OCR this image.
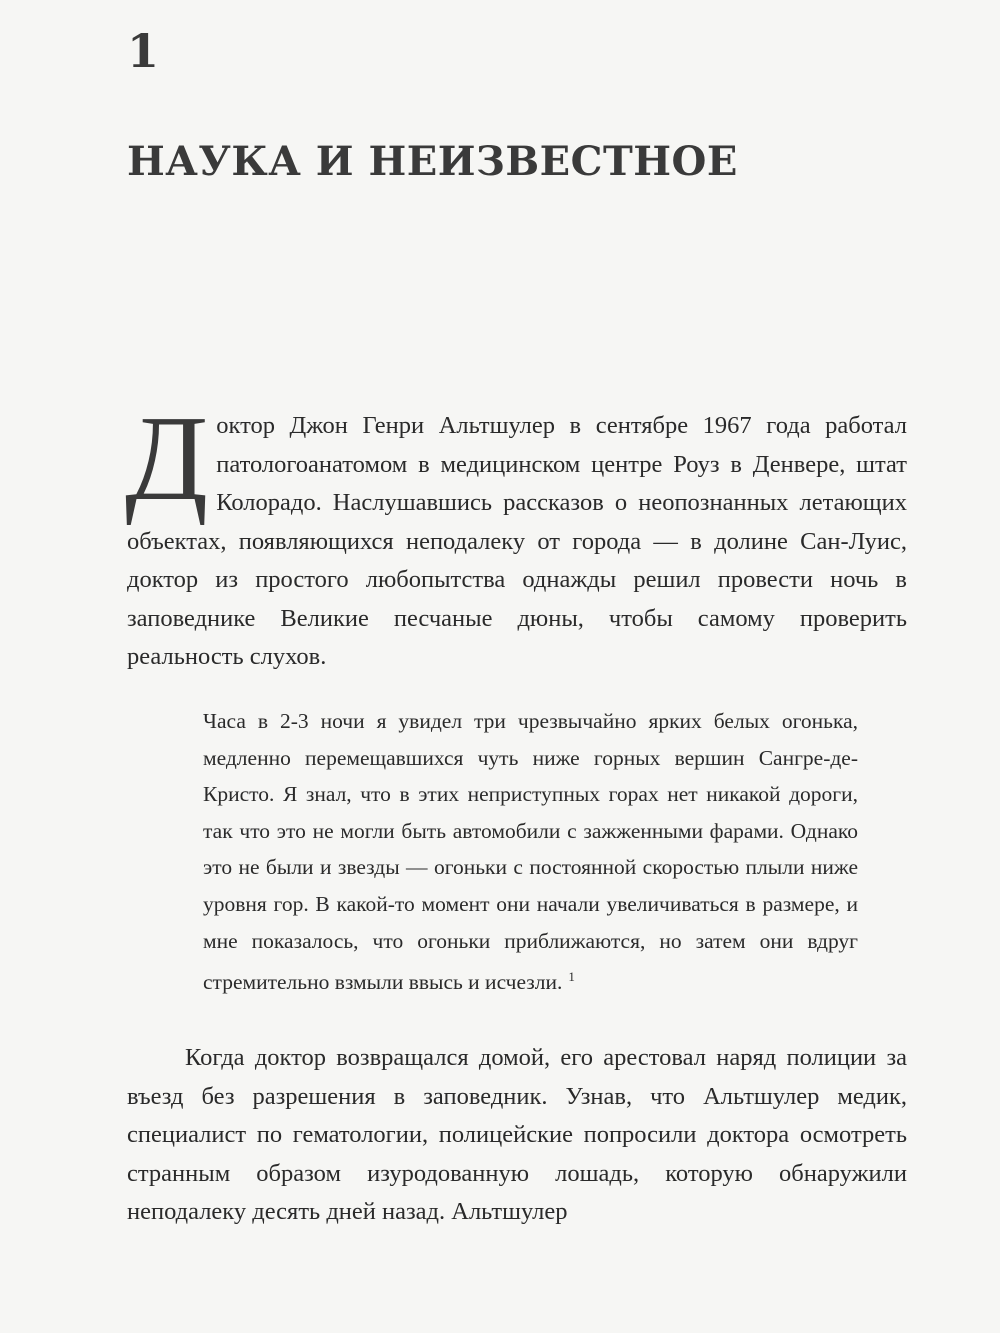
1
НАУКА И НЕИЗВЕСТНОЕ
Доктор Джон Генри Альтшулер в сентябре 1967 года работал патологоанатомом в медицинском центре Роуз в Денвере, штат Колорадо. Наслушавшись рассказов о неопознанных летающих объектах, появляющихся неподалеку от города — в долине Сан-Луис, доктор из простого любопытства однажды решил провести ночь в заповеднике Великие песчаные дюны, чтобы самому проверить реальность слухов.

Часа в 2-3 ночи я увидел три чрезвычайно ярких белых огонька, медленно перемещавшихся чуть ниже горных вершин Сангре-де-Кристо. Я знал, что в этих неприступных горах нет никакой дороги, так что это не могли быть автомобили с зажженными фарами. Однако это не были и звезды — огоньки с постоянной скоростью плыли ниже уровня гор. В какой-то момент они начали увеличиваться в размере, и мне показалось, что огоньки приближаются, но затем они вдруг стремительно взмыли ввысь и исчезли. $^1$

Когда доктор возвращался домой, его арестовал наряд полиции за въезд без разрешения в заповедник. Узнав, что Альтшулер медик, специалист по гематологии, полицейские попросили доктора осмотреть странным образом изуродованную лошадь, которую обнаружили неподалеку десять дней назад. Альтшулер
